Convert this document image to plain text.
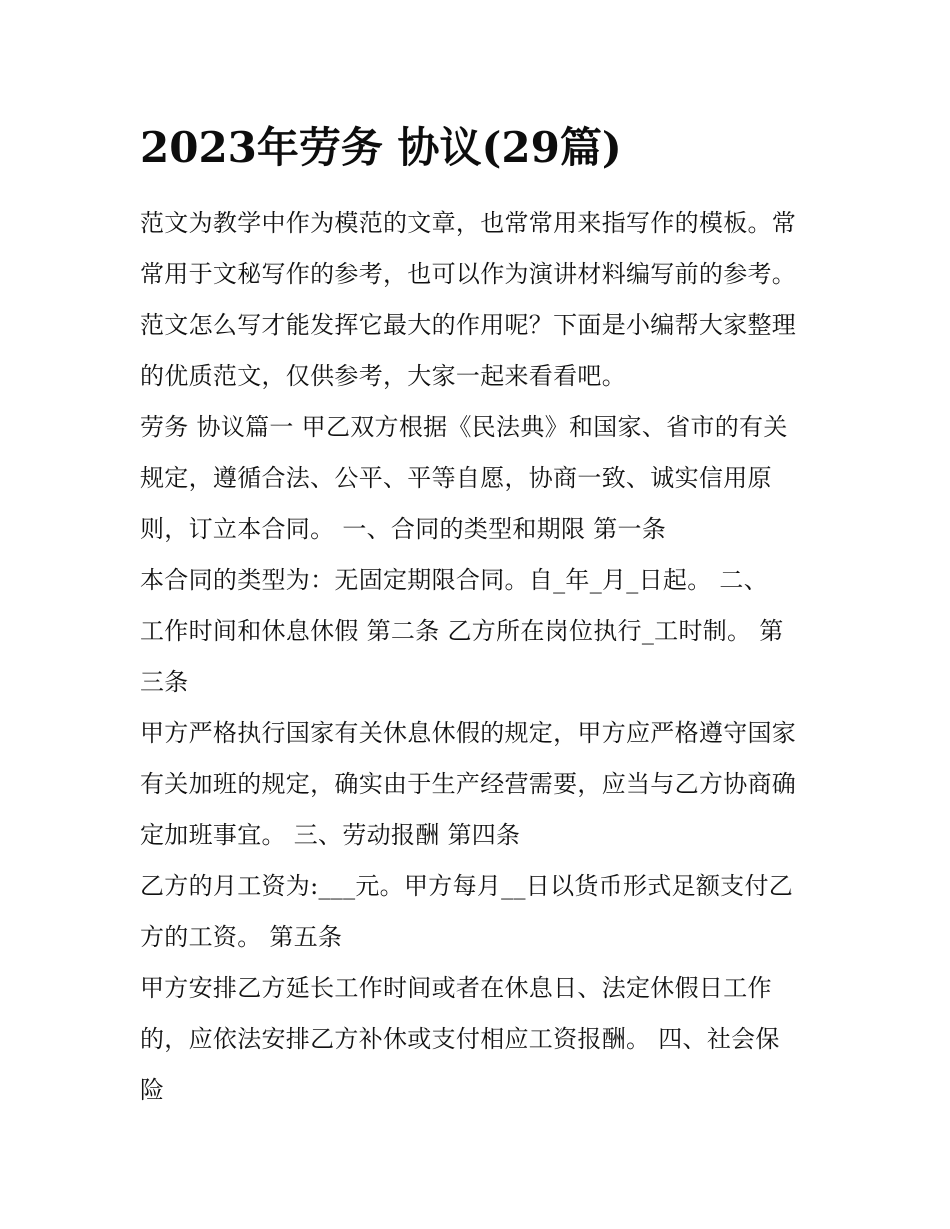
2023年劳务 协议(29篇)
范文为教学中作为模范的文章，也常常用来指写作的模板。常
常用于文秘写作的参考，也可以作为演讲材料编写前的参考。
范文怎么写才能发挥它最大的作用呢？下面是小编帮大家整理
的优质范文，仅供参考，大家一起来看看吧。
劳务 协议篇一 甲乙双方根据《民法典》和国家、省市的有关
规定，遵循合法、公平、平等自愿，协商一致、诚实信用原
则，订立本合同。 一、合同的类型和期限 第一条
本合同的类型为：无固定期限合同。自_年_月_日起。 二、
工作时间和休息休假 第二条 乙方所在岗位执行_工时制。 第
三条
甲方严格执行国家有关休息休假的规定，甲方应严格遵守国家
有关加班的规定，确实由于生产经营需要，应当与乙方协商确
定加班事宜。 三、劳动报酬 第四条
乙方的月工资为:___元。甲方每月__日以货币形式足额支付乙
方的工资。 第五条
甲方安排乙方延长工作时间或者在休息日、法定休假日工作
的，应依法安排乙方补休或支付相应工资报酬。 四、社会保
险
